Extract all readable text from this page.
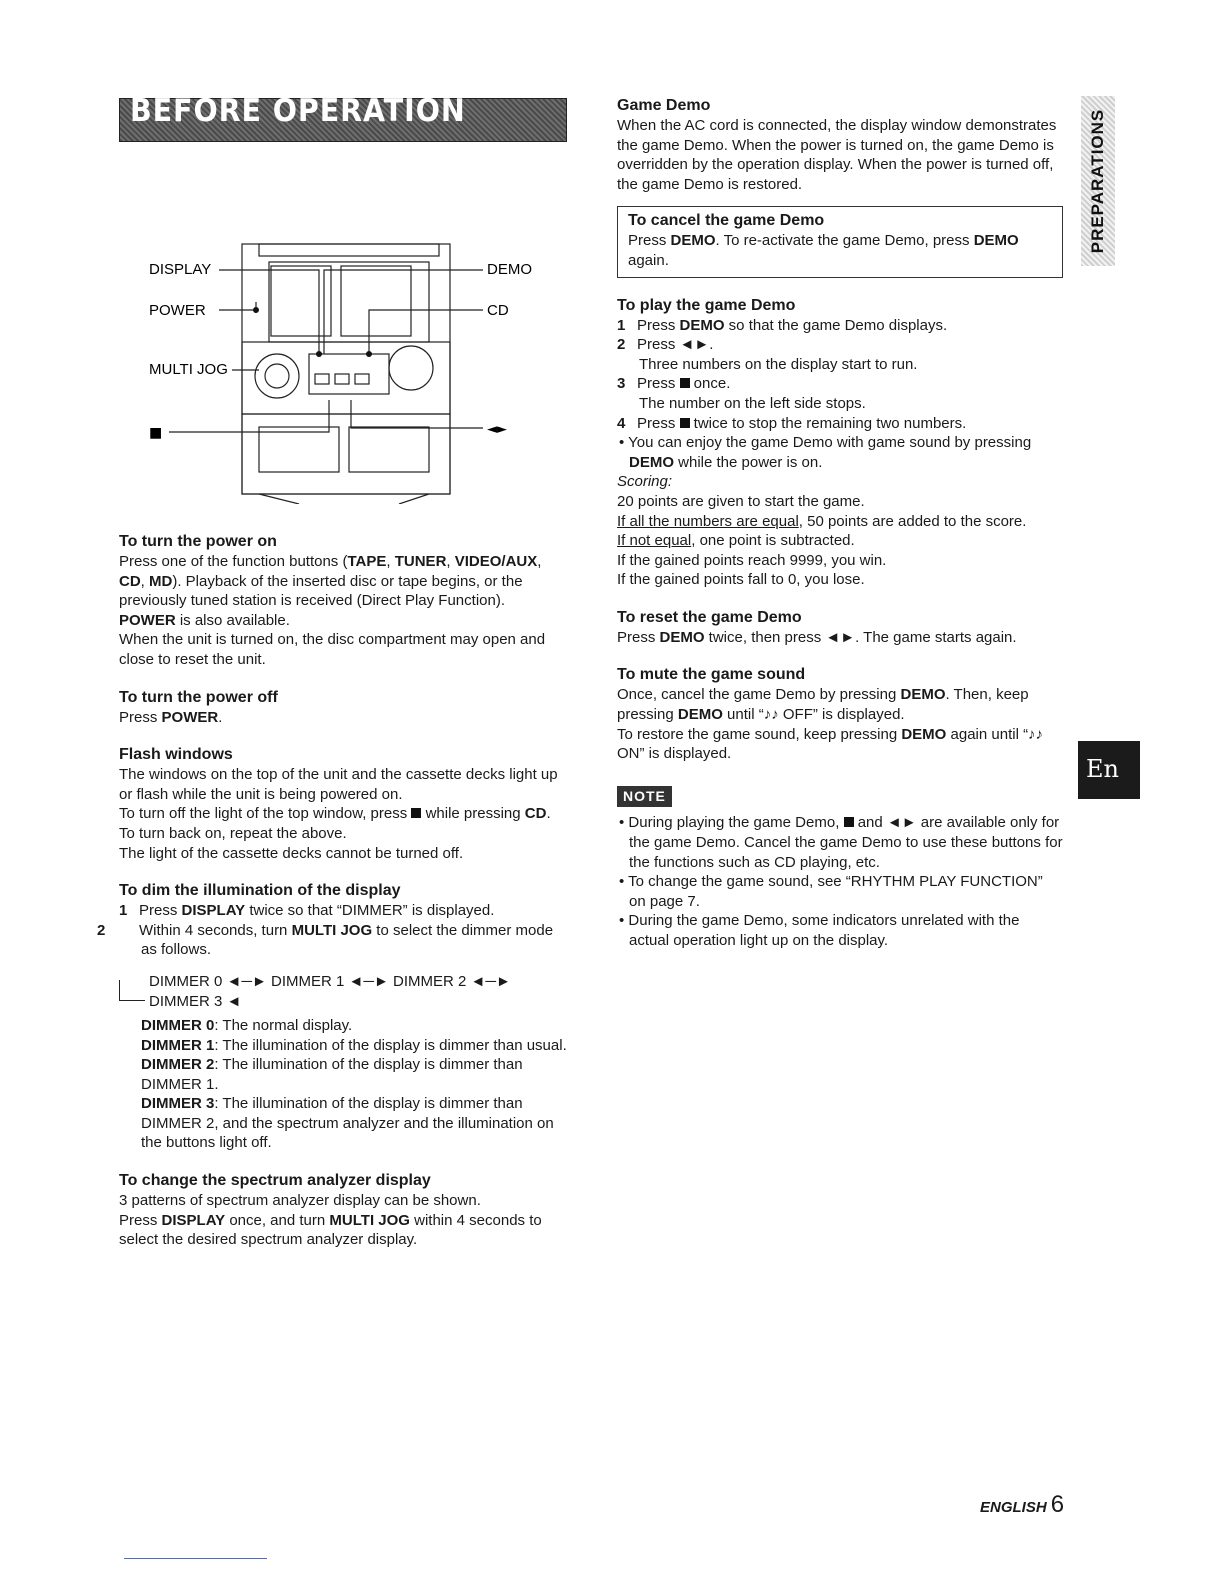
BEFORE OPERATION
DISPLAY
POWER
MULTI JOG
■
DEMO
CD
◄►
To turn the power on

Press one of the function buttons (TAPE, TUNER, VIDEO/AUX, CD, MD). Playback of the inserted disc or tape begins, or the previously tuned station is received (Direct Play Function).

POWER is also available.

When the unit is turned on, the disc compartment may open and close to reset the unit.

To turn the power off

Press POWER.

Flash windows

The windows on the top of the unit and the cassette decks light up or flash while the unit is being powered on.

To turn off the light of the top window, press  while pressing CD. To turn back on, repeat the above.

The light of the cassette decks cannot be turned off.

To dim the illumination of the display
1 Press DISPLAY twice so that “DIMMER” is displayed.
2 Within 4 seconds, turn MULTI JOG to select the dimmer mode as follows.
DIMMER 0 ◄─► DIMMER 1 ◄─► DIMMER 2 ◄─► DIMMER 3 ◄

DIMMER 0: The normal display.

DIMMER 1: The illumination of the display is dimmer than usual.

DIMMER 2: The illumination of the display is dimmer than DIMMER 1.

DIMMER 3: The illumination of the display is dimmer than DIMMER 2, and the spectrum analyzer and the illumination on the buttons light off.

To change the spectrum analyzer display

3 patterns of spectrum analyzer display can be shown.

Press DISPLAY once, and turn MULTI JOG within 4 seconds to select the desired spectrum analyzer display.

Game Demo

When the AC cord is connected, the display window demonstrates the game Demo. When the power is turned on, the game Demo is overridden by the operation display. When the power is turned off, the game Demo is restored.

To cancel the game Demo

Press DEMO. To re-activate the game Demo, press DEMO again.

To play the game Demo
1 Press DEMO so that the game Demo displays.
2 Press ◄►.
Three numbers on the display start to run.
3 Press  once.
The number on the left side stops.
4 Press  twice to stop the remaining two numbers.

• You can enjoy the game Demo with game sound by pressing DEMO while the power is on.

Scoring:

20 points are given to start the game.

If all the numbers are equal, 50 points are added to the score.

If not equal, one point is subtracted.

If the gained points reach 9999, you win.

If the gained points fall to 0, you lose.

To reset the game Demo

Press DEMO twice, then press ◄►. The game starts again.

To mute the game sound

Once, cancel the game Demo by pressing DEMO. Then, keep pressing DEMO until “♪♪ OFF” is displayed.

To restore the game sound, keep pressing DEMO again until “♪♪ ON” is displayed.

NOTE

• During playing the game Demo,  and ◄► are available only for the game Demo. Cancel the game Demo to use these buttons for the functions such as CD playing, etc.

• To change the game sound, see “RHYTHM PLAY FUNCTION” on page 7.

• During the game Demo, some indicators unrelated with the actual operation light up on the display.

PREPARATIONS
En
ENGLISH 6
